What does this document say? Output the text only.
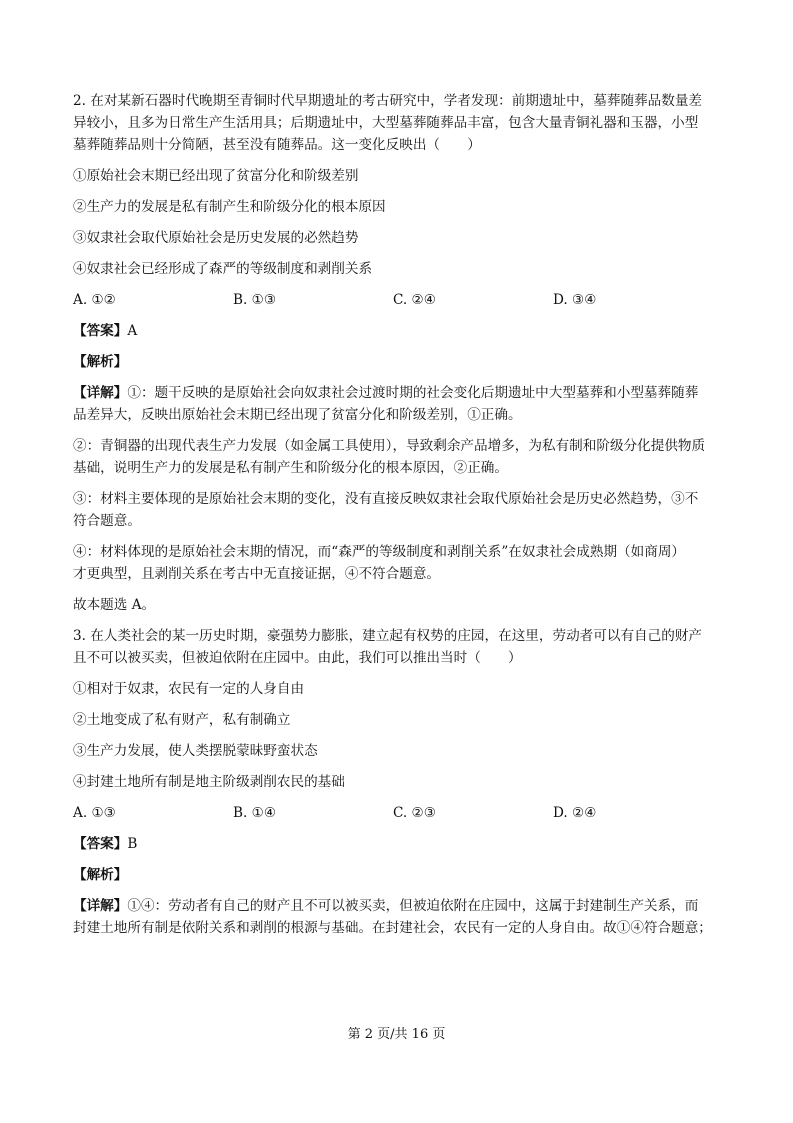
2. 在对某新石器时代晚期至青铜时代早期遗址的考古研究中，学者发现：前期遗址中，墓葬随葬品数量差
异较小，且多为日常生产生活用具；后期遗址中，大型墓葬随葬品丰富，包含大量青铜礼器和玉器，小型
墓葬随葬品则十分简陋，甚至没有随葬品。这一变化反映出（　　）
①原始社会末期已经出现了贫富分化和阶级差别
②生产力的发展是私有制产生和阶级分化的根本原因
③奴隶社会取代原始社会是历史发展的必然趋势
④奴隶社会已经形成了森严的等级制度和剥削关系
A. ①②	B. ①③	C. ②④	D. ③④
【答案】A
【解析】
【详解】①：题干反映的是原始社会向奴隶社会过渡时期的社会变化后期遗址中大型墓葬和小型墓葬随葬
品差异大，反映出原始社会末期已经出现了贫富分化和阶级差别，①正确。
②：青铜器的出现代表生产力发展（如金属工具使用），导致剩余产品增多，为私有制和阶级分化提供物质
基础，说明生产力的发展是私有制产生和阶级分化的根本原因，②正确。
③：材料主要体现的是原始社会末期的变化，没有直接反映奴隶社会取代原始社会是历史必然趋势，③不
符合题意。
④：材料体现的是原始社会末期的情况，而“森严的等级制度和剥削关系”在奴隶社会成熟期（如商周）
才更典型，且剥削关系在考古中无直接证据，④不符合题意。
故本题选 A。
3. 在人类社会的某一历史时期，豪强势力膨胀，建立起有权势的庄园，在这里，劳动者可以有自己的财产
且不可以被买卖，但被迫依附在庄园中。由此，我们可以推出当时（　　）
①相对于奴隶，农民有一定的人身自由
②土地变成了私有财产，私有制确立
③生产力发展，使人类摆脱蒙昧野蛮状态
④封建土地所有制是地主阶级剥削农民的基础
A. ①③	B. ①④	C. ②③	D. ②④
【答案】B
【解析】
【详解】①④：劳动者有自己的财产且不可以被买卖，但被迫依附在庄园中，这属于封建制生产关系，而
封建土地所有制是依附关系和剥削的根源与基础。在封建社会，农民有一定的人身自由。故①④符合题意；
第 2 页/共 16 页
